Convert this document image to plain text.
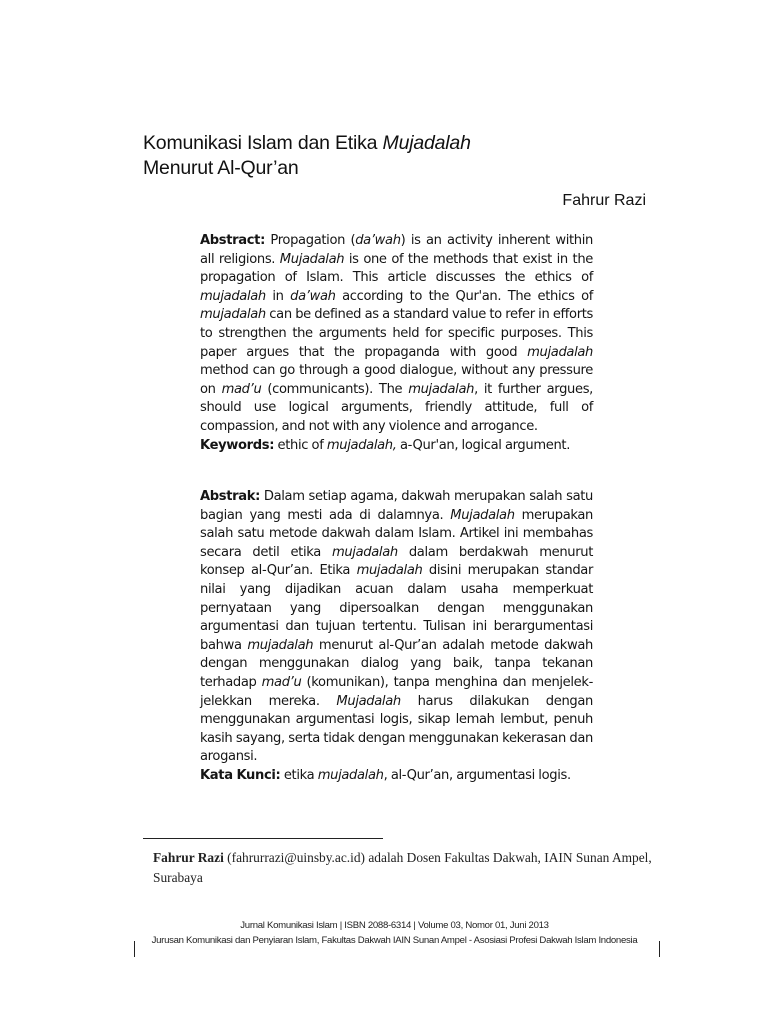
Komunikasi Islam dan Etika Mujadalah
Menurut Al-Qur’an
Fahrur Razi

Abstract: Propagation (da’wah) is an activity inherent within all religions. Mujadalah is one of the methods that exist in the propagation of Islam. This article discusses the ethics of mujadalah in da’wah according to the Qur'an. The ethics of mujadalah can be defined as a standard value to refer in efforts to strengthen the arguments held for specific purposes. This paper argues that the propaganda with good mujadalah method can go through a good dialogue, without any pressure on mad’u (communicants). The mujadalah, it further argues, should use logical arguments, friendly attitude, full of compassion, and not with any violence and arrogance.
Keywords: ethic of mujadalah, a-Qur'an, logical argument.

Abstrak: Dalam setiap agama, dakwah merupakan salah satu bagian yang mesti ada di dalamnya. Mujadalah merupakan salah satu metode dakwah dalam Islam. Artikel ini membahas secara detil etika mujadalah dalam berdakwah menurut konsep al-Qur’an. Etika mujadalah disini merupakan standar nilai yang dijadikan acuan dalam usaha memperkuat pernyataan yang dipersoalkan dengan menggunakan argumentasi dan tujuan tertentu. Tulisan ini berargumentasi bahwa mujadalah menurut al-Qur’an adalah metode dakwah dengan menggunakan dialog yang baik, tanpa tekanan terhadap mad’u (komunikan), tanpa menghina dan menjelek-jelekkan mereka. Mujadalah harus dilakukan dengan menggunakan argumentasi logis, sikap lemah lembut, penuh kasih sayang, serta tidak dengan menggunakan kekerasan dan arogansi.
Kata Kunci: etika mujadalah, al-Qur’an, argumentasi logis.

Fahrur Razi (fahrurrazi@uinsby.ac.id) adalah Dosen Fakultas Dakwah, IAIN Sunan Ampel, Surabaya
Jurnal Komunikasi Islam | ISBN 2088-6314 | Volume 03, Nomor 01, Juni 2013
Jurusan Komunikasi dan Penyiaran Islam, Fakultas Dakwah IAIN Sunan Ampel - Asosiasi Profesi Dakwah Islam Indonesia
